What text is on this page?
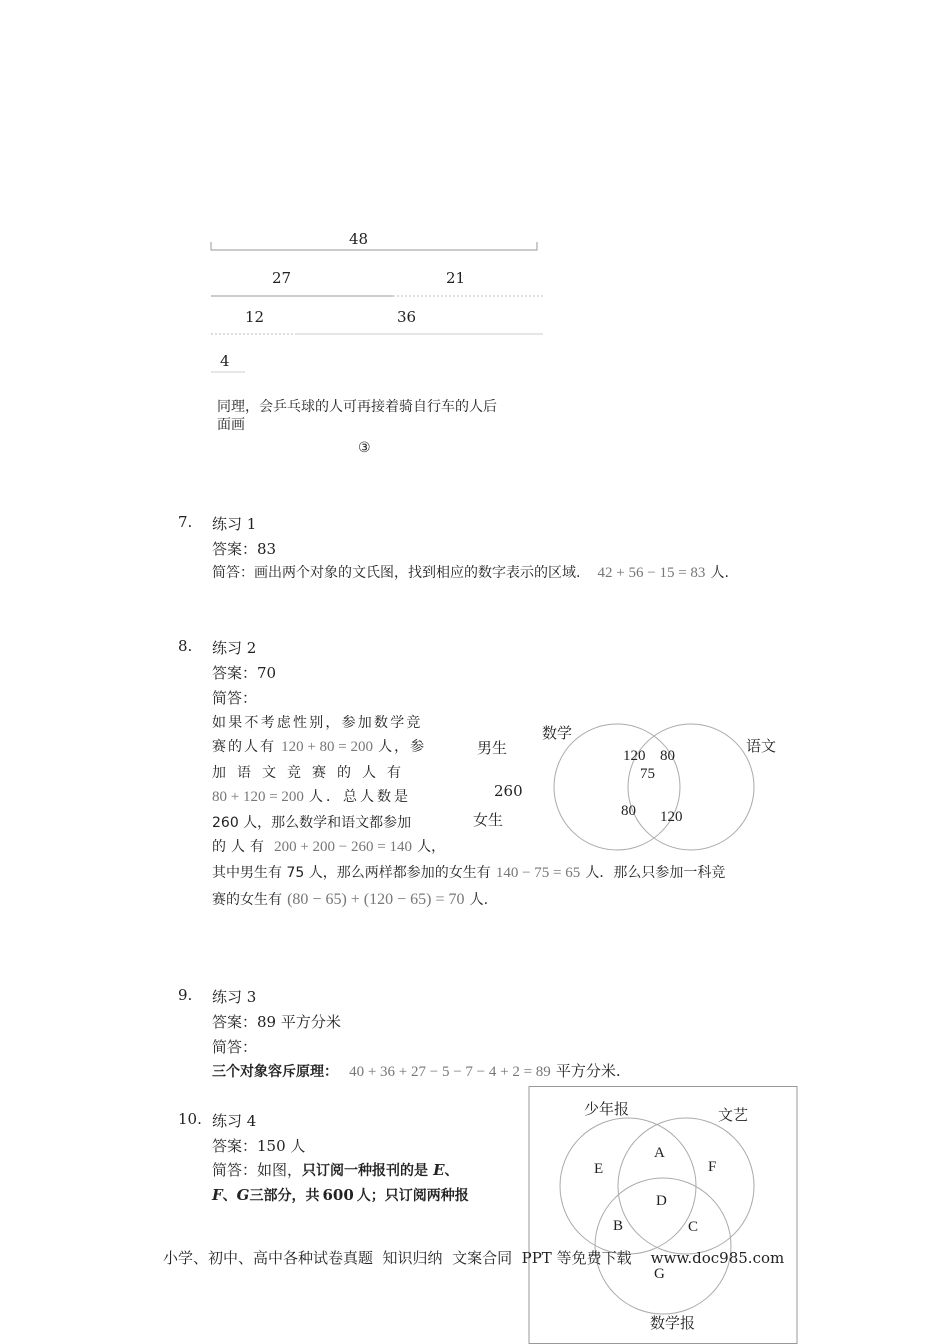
48
27	21
12	36
4
同理，会乒乓球的人可再接着骑自行车的人后
面画
③
7. 练习 1
答案：83
简答：画出两个对象的文氏图，找到相应的数字表示的区域. 42 + 56 − 15 = 83 人.
8. 练习 2
答案：70
简答：
如果不考虑性别，参加数学竞
赛的人有 120 + 80 = 200 人，参
加语文竞赛的人有
80 + 120 = 200 人．总人数是
260 人，那么数学和语文都参加
的人有 200 + 200 − 260 = 140 人，
其中男生有 75 人，那么两样都参加的女生有 140 − 75 = 65 人．那么只参加一科竞
赛的女生有 (80 − 65) + (120 − 65) = 70 人.
男生
260
女生
数学
语文
120 80
75
80 120
9. 练习 3
答案：89 平方分米
简答：
三个对象容斥原理： 40 + 36 + 27 − 5 − 7 − 4 + 2 = 89 平方分米.
10. 练习 4
答案：150 人
简答：如图，只订阅一种报刊的是 E、
F、G三部分，共 600 人；只订阅两种报
少年报	文艺
数学报
A
E	F
D
B	C
G
小学、初中、高中各种试卷真题  知识归纳  文案合同  PPT 等免费下载    www.doc985.com
